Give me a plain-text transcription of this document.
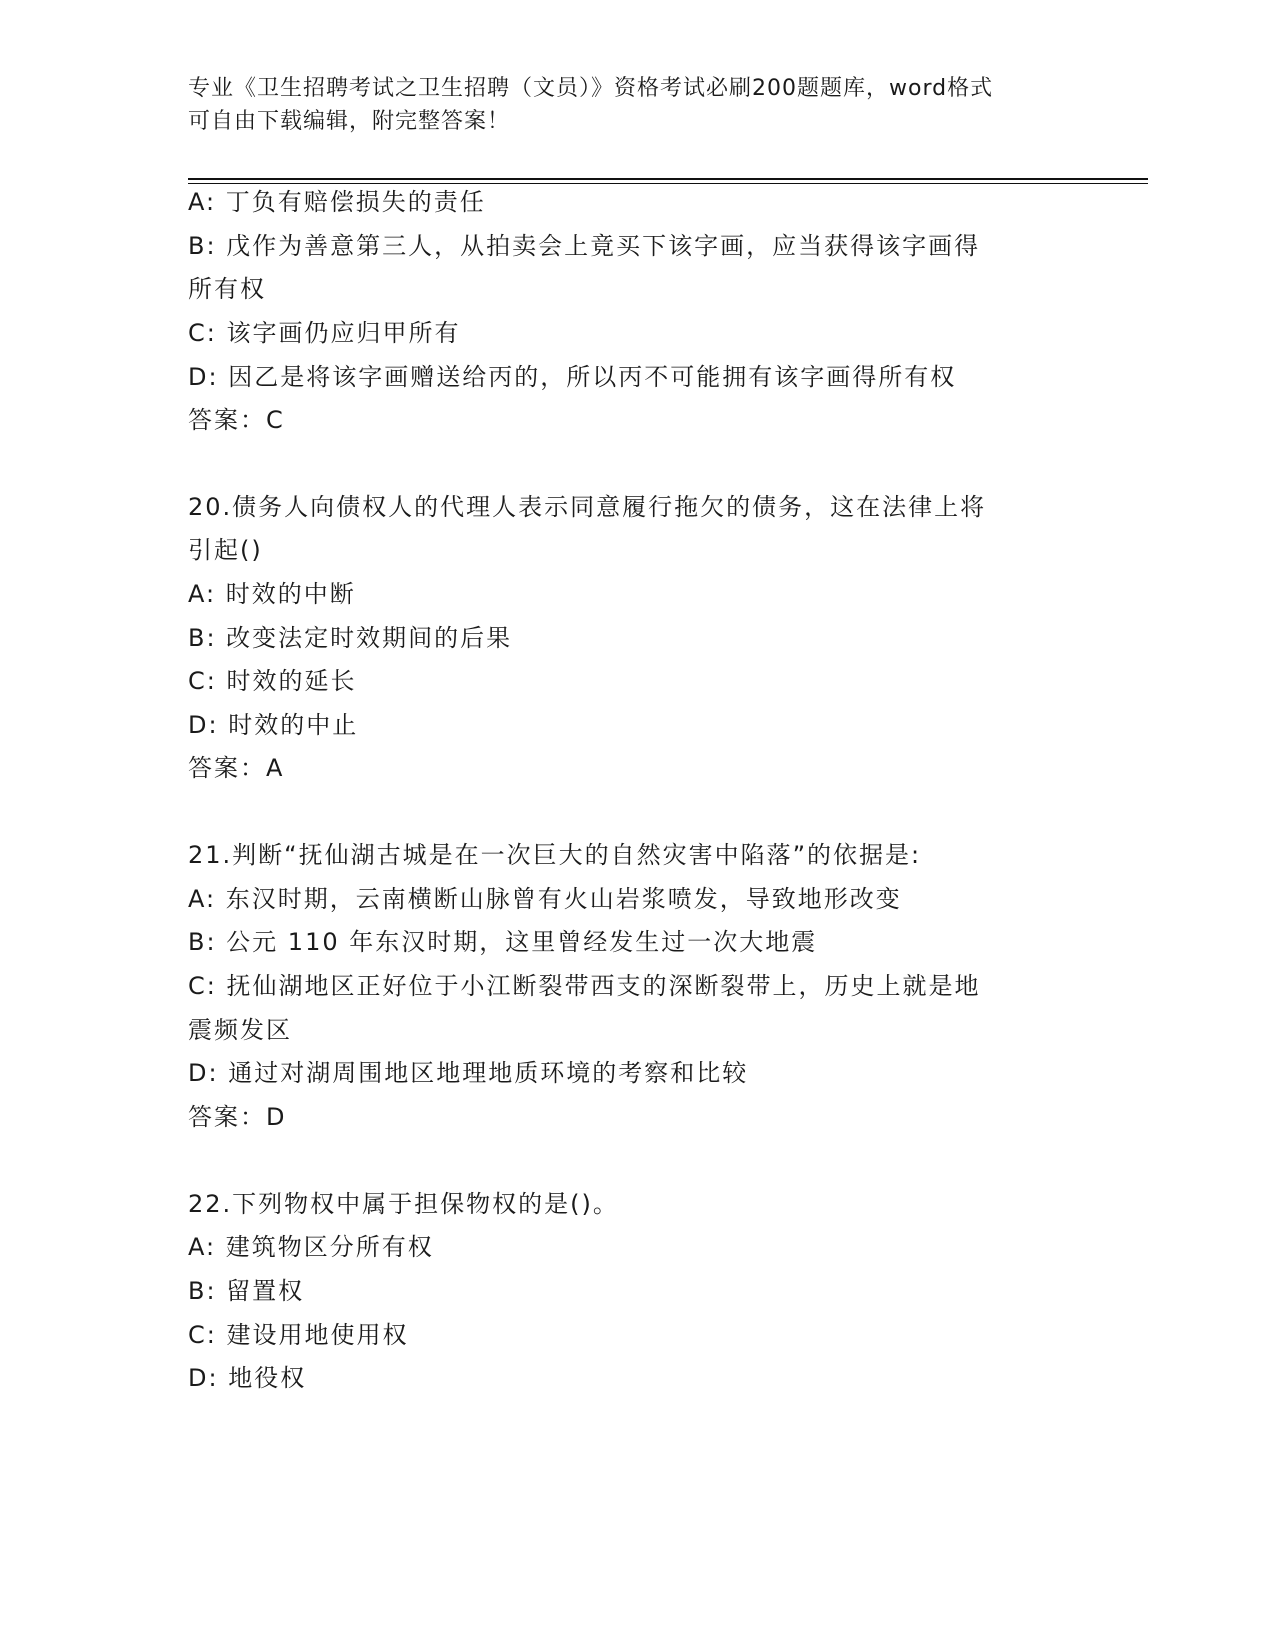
专业《卫生招聘考试之卫生招聘（文员）》资格考试必刷200题题库，word格式
可自由下载编辑，附完整答案！
A: 丁负有赔偿损失的责任
B: 戊作为善意第三人，从拍卖会上竟买下该字画，应当获得该字画得
所有权
C: 该字画仍应归甲所有
D: 因乙是将该字画赠送给丙的，所以丙不可能拥有该字画得所有权
答案：C
20.债务人向债权人的代理人表示同意履行拖欠的债务，这在法律上将
引起()
A: 时效的中断
B: 改变法定时效期间的后果
C: 时效的延长
D: 时效的中止
答案：A
21.判断“抚仙湖古城是在一次巨大的自然灾害中陷落”的依据是:
A: 东汉时期，云南横断山脉曾有火山岩浆喷发，导致地形改变
B: 公元 110 年东汉时期，这里曾经发生过一次大地震
C: 抚仙湖地区正好位于小江断裂带西支的深断裂带上，历史上就是地
震频发区
D: 通过对湖周围地区地理地质环境的考察和比较
答案：D
22.下列物权中属于担保物权的是()。
A: 建筑物区分所有权
B: 留置权
C: 建设用地使用权
D: 地役权
